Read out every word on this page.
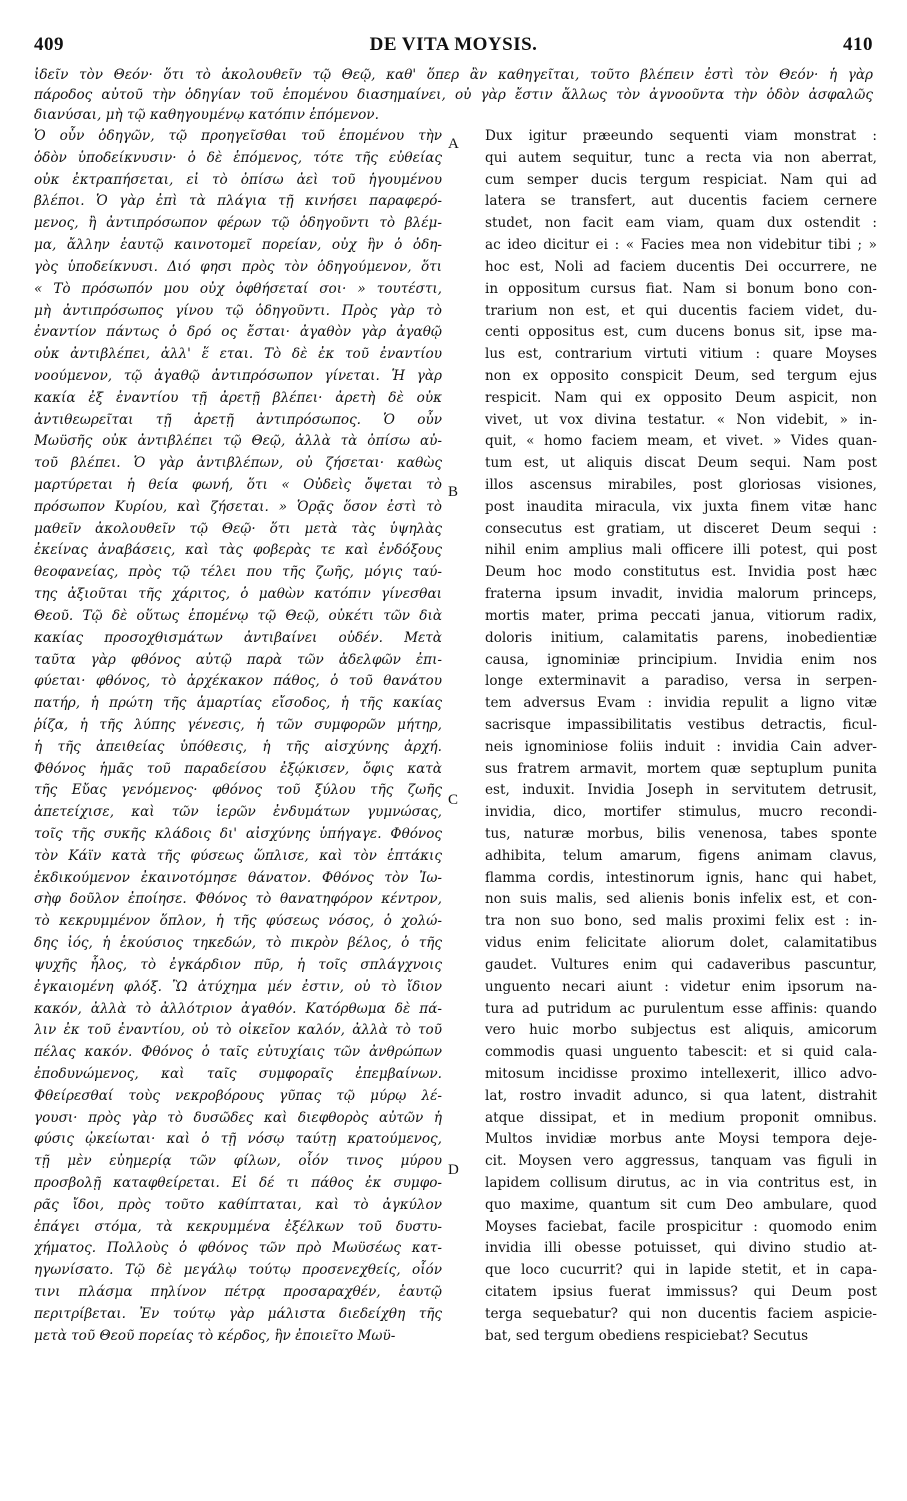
409	DE VITA MOYSIS.	410
ἰδεῖν τὸν Θεόν· ὅτι τὸ ἀκολουθεῖν τῷ Θεῷ, καθ' ὅπερ ἂν καθηγεῖται, τοῦτο βλέπειν ἐστὶ τὸν Θεόν· ἡ γὰρ
πάροδος αὐτοῦ τὴν ὁδηγίαν τοῦ ἑπομένου διασημαίνει, οὐ γὰρ ἔστιν ἄλλως τὸν ἀγνοοῦντα τὴν ὁδὸν ἀσφαλῶς
διανύσαι, μὴ τῷ καθηγουμένῳ κατόπιν ἑπόμενον.
Ὁ οὖν ὁδηγῶν, τῷ προηγεῖσθαι τοῦ ἑπομένου τὴν
ὁδὸν ὑποδείκνυσιν· ὁ δὲ ἑπόμενος, τότε τῆς εὐθείας
οὐκ ἐκτραπήσεται, εἰ τὸ ὀπίσω ἀεὶ τοῦ ἡγουμένου
βλέποι. Ὁ γὰρ ἐπὶ τὰ πλάγια τῇ κινήσει παραφερό-
μενος, ἢ ἀντιπρόσωπον φέρων τῷ ὁδηγοῦντι τὸ βλέμ-
μα, ἄλλην ἑαυτῷ καινοτομεῖ πορείαν, οὐχ ἣν ὁ ὁδη-
γὸς ὑποδείκνυσι. Διό φησι πρὸς τὸν ὁδηγούμενον, ὅτι
« Τὸ πρόσωπόν μου οὐχ ὀφθήσεταί σοι· » τουτέστι,
μὴ ἀντιπρόσωπος γίνου τῷ ὁδηγοῦντι. Πρὸς γὰρ τὸ
ἐναντίον πάντως ὁ δρό ος ἔσται· ἀγαθὸν γὰρ ἀγαθῷ
οὐκ ἀντιβλέπει, ἀλλ' ἕ εται. Τὸ δὲ ἐκ τοῦ ἐναντίου
νοούμενον, τῷ ἀγαθῷ ἀντιπρόσωπον γίνεται. Ἡ γὰρ
κακία ἐξ ἐναντίου τῇ ἀρετῇ βλέπει· ἀρετὴ δὲ οὐκ
ἀντιθεωρεῖται τῇ ἀρετῇ ἀντιπρόσωπος. Ὁ οὖν
Μωϋσῆς οὐκ ἀντιβλέπει τῷ Θεῷ, ἀλλὰ τὰ ὀπίσω αὐ-
τοῦ βλέπει. Ὁ γὰρ ἀντιβλέπων, οὐ ζήσεται· καθὼς
μαρτύρεται ἡ θεία φωνή, ὅτι « Οὐδεὶς ὄψεται τὸ
πρόσωπον Κυρίου, καὶ ζήσεται. » Ὁρᾷς ὅσον ἐστὶ τὸ
μαθεῖν ἀκολουθεῖν τῷ Θεῷ· ὅτι μετὰ τὰς ὑψηλὰς
ἐκείνας ἀναβάσεις, καὶ τὰς φοβερὰς τε καὶ ἐνδόξους
θεοφανείας, πρὸς τῷ τέλει που τῆς ζωῆς, μόγις ταύ-
της ἀξιοῦται τῆς χάριτος, ὁ μαθὼν κατόπιν γίνεσθαι
Θεοῦ. Τῷ δὲ οὕτως ἑπομένῳ τῷ Θεῷ, οὐκέτι τῶν διὰ
κακίας προσοχθισμάτων ἀντιβαίνει οὐδέν. Μετὰ
ταῦτα γὰρ φθόνος αὐτῷ παρὰ τῶν ἀδελφῶν ἐπι-
φύεται· φθόνος, τὸ ἀρχέκακον πάθος, ὁ τοῦ θανάτου
πατήρ, ἡ πρώτη τῆς ἁμαρτίας εἴσοδος, ἡ τῆς κακίας
ῥίζα, ἡ τῆς λύπης γένεσις, ἡ τῶν συμφορῶν μήτηρ,
ἡ τῆς ἀπειθείας ὑπόθεσις, ἡ τῆς αἰσχύνης ἀρχή.
Φθόνος ἡμᾶς τοῦ παραδείσου ἐξῴκισεν, ὄφις κατὰ
τῆς Εὔας γενόμενος· φθόνος τοῦ ξύλου τῆς ζωῆς
ἀπετείχισε, καὶ τῶν ἱερῶν ἐνδυμάτων γυμνώσας,
τοῖς τῆς συκῆς κλάδοις δι' αἰσχύνης ὑπήγαγε. Φθόνος
τὸν Κάϊν κατὰ τῆς φύσεως ὥπλισε, καὶ τὸν ἑπτάκις
ἐκδικούμενον ἐκαινοτόμησε θάνατον. Φθόνος τὸν Ἰω-
σὴφ δοῦλον ἐποίησε. Φθόνος τὸ θανατηφόρον κέντρον,
τὸ κεκρυμμένον ὅπλον, ἡ τῆς φύσεως νόσος, ὁ χολώ-
δης ἰός, ἡ ἑκούσιος τηκεδών, τὸ πικρὸν βέλος, ὁ τῆς
ψυχῆς ἧλος, τὸ ἐγκάρδιον πῦρ, ἡ τοῖς σπλάγχνοις
ἐγκαιομένη φλόξ. Ὢ ἀτύχημα μέν ἐστιν, οὐ τὸ ἴδιον
κακόν, ἀλλὰ τὸ ἀλλότριον ἀγαθόν. Κατόρθωμα δὲ πά-
λιν ἐκ τοῦ ἐναντίου, οὐ τὸ οἰκεῖον καλόν, ἀλλὰ τὸ τοῦ
πέλας κακόν. Φθόνος ὁ ταῖς εὐτυχίαις τῶν ἀνθρώπων
ἐποδυνώμενος, καὶ ταῖς συμφοραῖς ἐπεμβαίνων.
Φθείρεσθαί τοὺς νεκροβόρους γῦπας τῷ μύρῳ λέ-
γουσι· πρὸς γὰρ τὸ δυσῶδες καὶ διεφθορὸς αὐτῶν ἡ
φύσις ᾠκείωται· καὶ ὁ τῇ νόσῳ ταύτῃ κρατούμενος,
τῇ μὲν εὐημερίᾳ τῶν φίλων, οἷόν τινος μύρου
προσβολῇ καταφθείρεται. Εἰ δέ τι πάθος ἐκ συμφο-
ρᾶς ἴδοι, πρὸς τοῦτο καθίπταται, καὶ τὸ ἀγκύλον
ἐπάγει στόμα, τὰ κεκρυμμένα ἐξέλκων τοῦ δυστυ-
χήματος. Πολλοὺς ὁ φθόνος τῶν πρὸ Μωϋσέως κατ-
ηγωνίσατο. Τῷ δὲ μεγάλῳ τούτῳ προσενεχθείς, οἷόν
τινι πλάσμα πηλίνον πέτρᾳ προσαραχθέν, ἑαυτῷ
περιτρίβεται. Ἐν τούτῳ γὰρ μάλιστα διεδείχθη τῆς
μετὰ τοῦ Θεοῦ πορείας τὸ κέρδος, ἣν ἐποιεῖτο Μωϋ-
Dux igitur præeundo sequenti viam monstrat :
qui autem sequitur, tunc a recta via non aberrat,
cum semper ducis tergum respiciat. Nam qui ad
latera se transfert, aut ducentis faciem cernere
studet, non facit eam viam, quam dux ostendit :
ac ideo dicitur ei : « Facies mea non videbitur tibi ; »
hoc est, Noli ad faciem ducentis Dei occurrere, ne
in oppositum cursus fiat. Nam si bonum bono con-
trarium non est, et qui ducentis faciem videt, du-
centi oppositus est, cum ducens bonus sit, ipse ma-
lus est, contrarium virtuti vitium : quare Moyses
non ex opposito conspicit Deum, sed tergum ejus
respicit. Nam qui ex opposito Deum aspicit, non
vivet, ut vox divina testatur. « Non videbit, » in-
quit, « homo faciem meam, et vivet. » Vides quan-
tum est, ut aliquis discat Deum sequi. Nam post
illos ascensus mirabiles, post gloriosas visiones,
post inaudita miracula, vix juxta finem vitæ hanc
consecutus est gratiam, ut disceret Deum sequi :
nihil enim amplius mali officere illi potest, qui post
Deum hoc modo constitutus est. Invidia post hæc
fraterna ipsum invadit, invidia malorum princeps,
mortis mater, prima peccati janua, vitiorum radix,
doloris initium, calamitatis parens, inobedientiæ
causa, ignominiæ principium. Invidia enim nos
longe exterminavit a paradiso, versa in serpen-
tem adversus Evam : invidia repulit a ligno vitæ
sacrisque impassibilitatis vestibus detractis, ficul-
neis ignominiose foliis induit : invidia Cain adver-
sus fratrem armavit, mortem quæ septuplum punita
est, induxit. Invidia Joseph in servitutem detrusit,
invidia, dico, mortifer stimulus, mucro recondi-
tus, naturæ morbus, bilis venenosa, tabes sponte
adhibita, telum amarum, figens animam clavus,
flamma cordis, intestinorum ignis, hanc qui habet,
non suis malis, sed alienis bonis infelix est, et con-
tra non suo bono, sed malis proximi felix est : in-
vidus enim felicitate aliorum dolet, calamitatibus
gaudet. Vultures enim qui cadaveribus pascuntur,
unguento necari aiunt : videtur enim ipsorum na-
tura ad putridum ac purulentum esse affinis: quando
vero huic morbo subjectus est aliquis, amicorum
commodis quasi unguento tabescit: et si quid cala-
mitosum incidisse proximo intellexerit, illico advo-
lat, rostro invadit adunco, si qua latent, distrahit
atque dissipat, et in medium proponit omnibus.
Multos invidiæ morbus ante Moysi tempora deje-
cit. Moysen vero aggressus, tanquam vas figuli in
lapidem collisum dirutus, ac in via contritus est, in
quo maxime, quantum sit cum Deo ambulare, quod
Moyses faciebat, facile prospicitur : quomodo enim
invidia illi obesse potuisset, qui divino studio at-
que loco cucurrit? qui in lapide stetit, et in capa-
citatem ipsius fuerat immissus? qui Deum post
terga sequebatur? qui non ducentis faciem aspicie-
bat, sed tergum obediens respiciebat? Secutus
A
B
C
D
